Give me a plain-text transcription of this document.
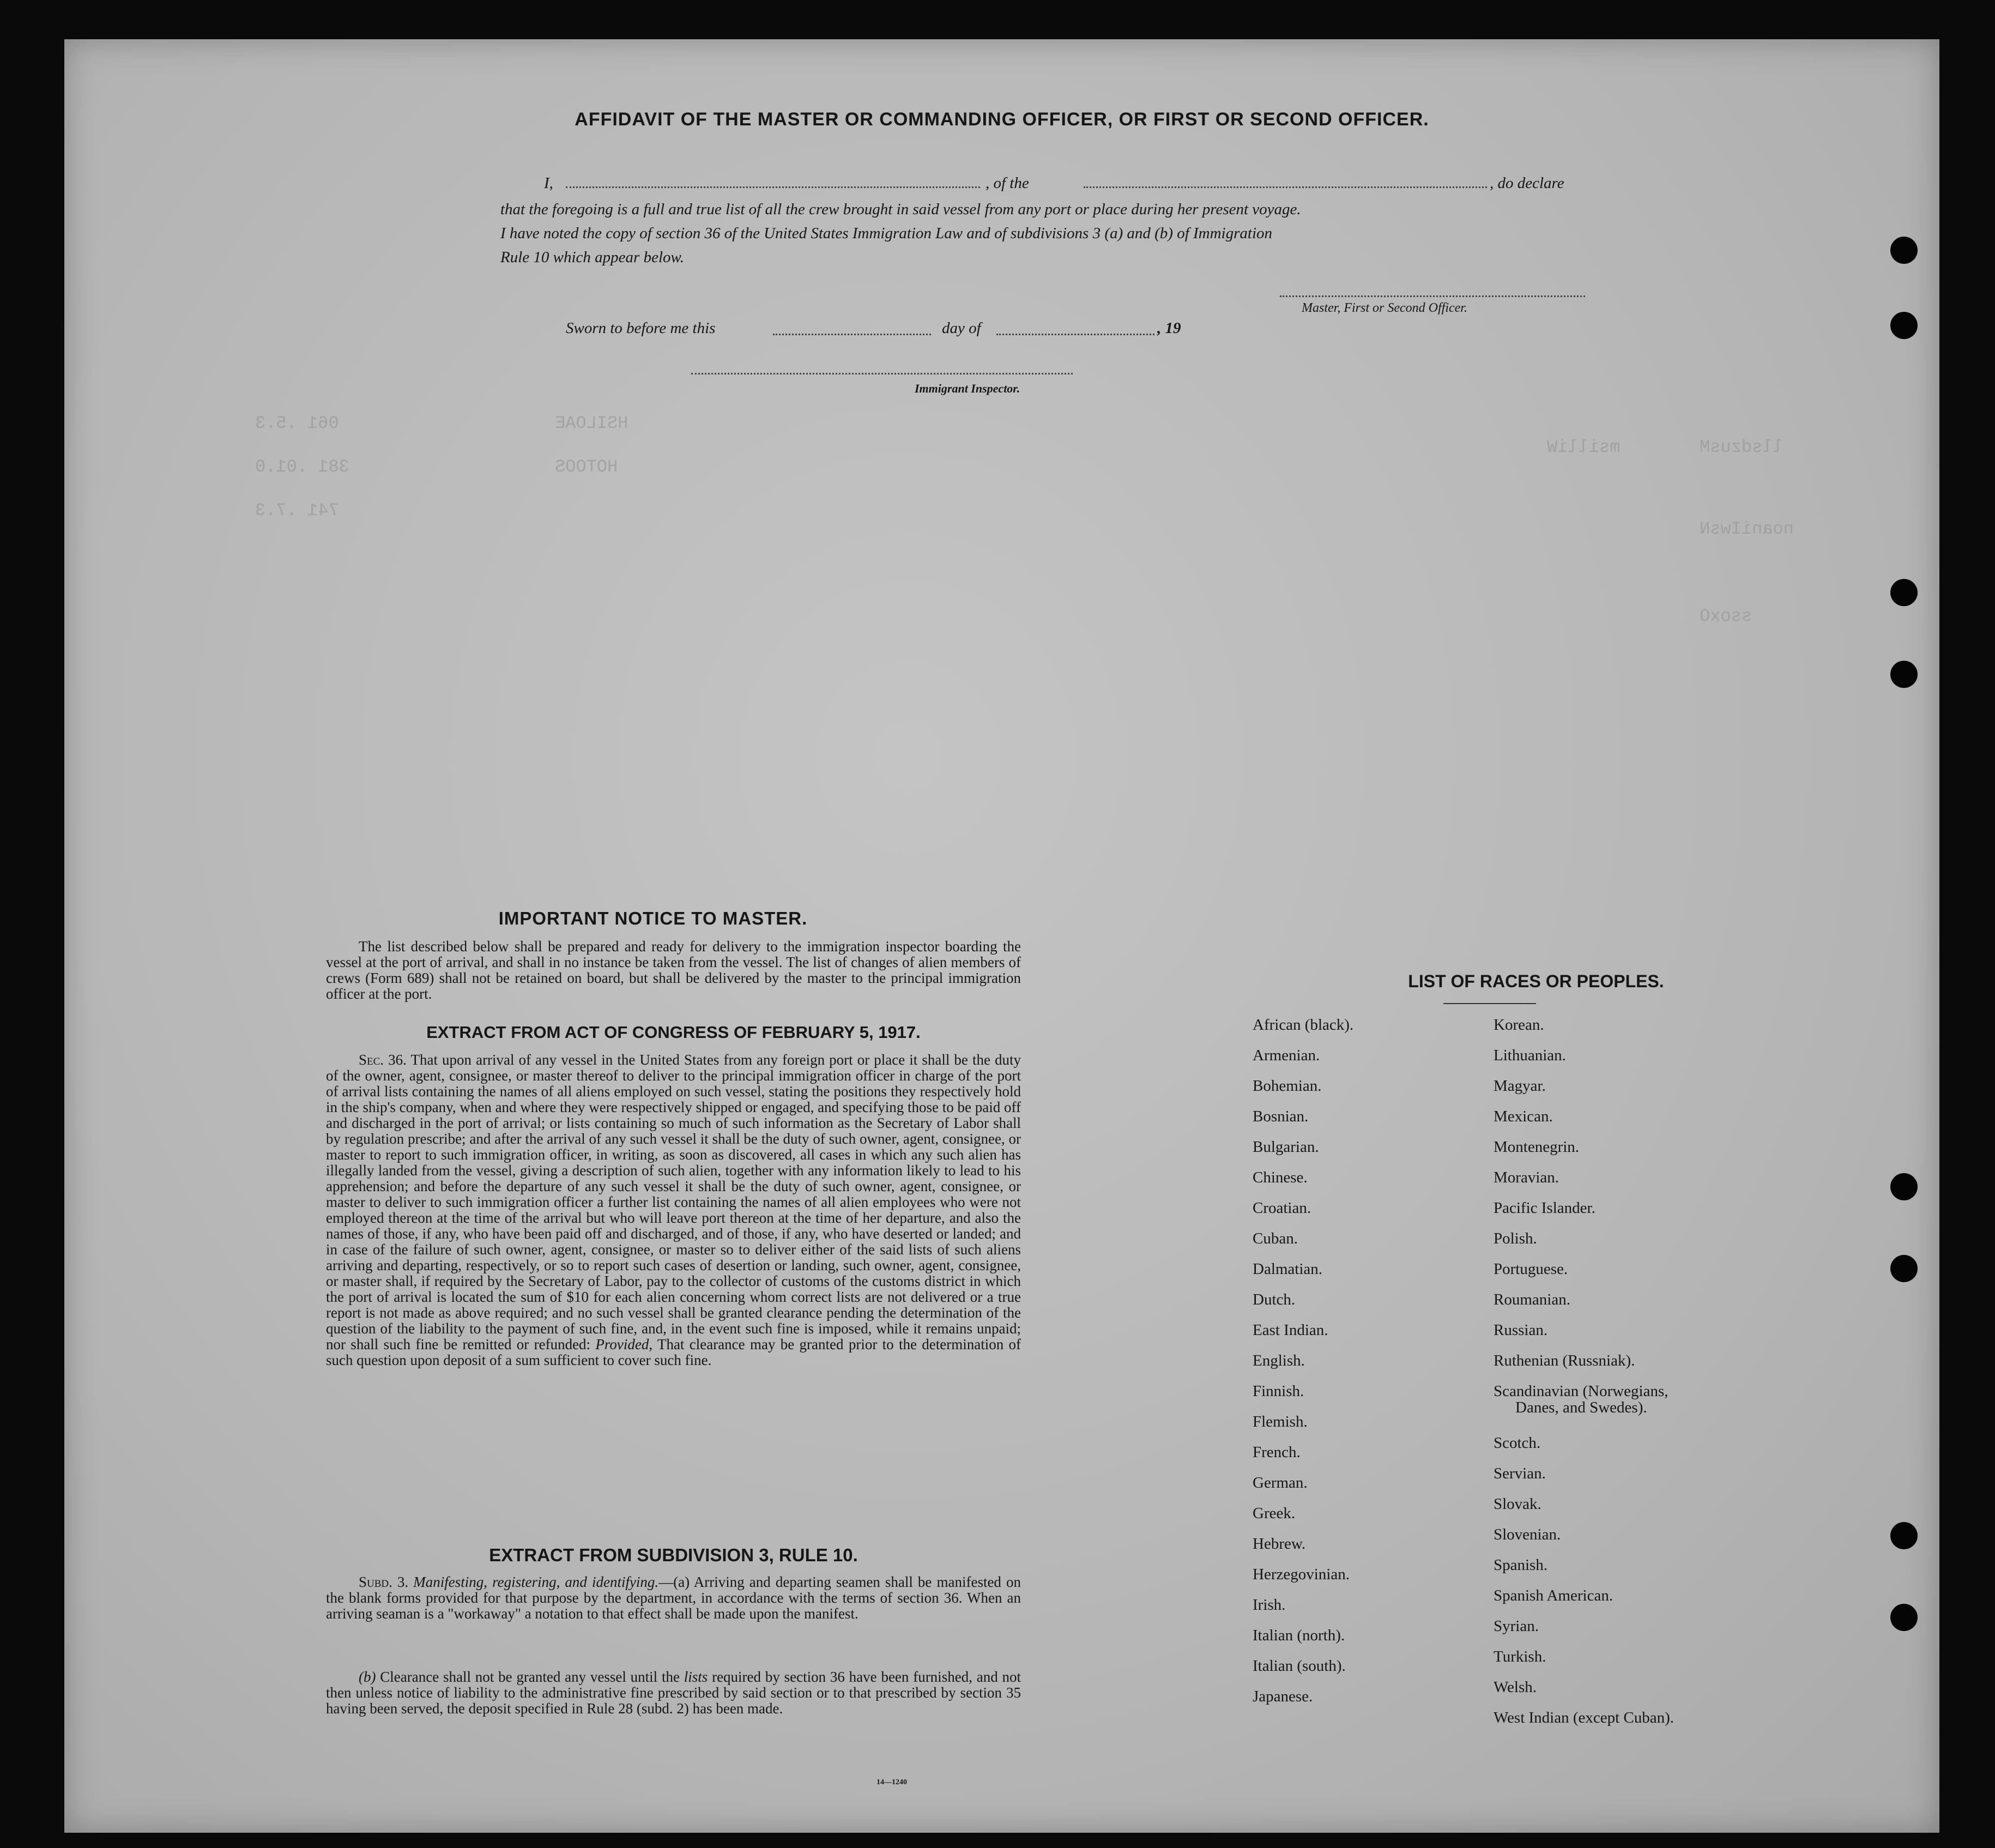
061 .5.3
381 .01.0
741 .7.3
HSILOAE
HOTOOS
llsdzusM
noaniIwsN
ssoxO
msilliW
AFFIDAVIT OF THE MASTER OR COMMANDING OFFICER, OR FIRST OR SECOND OFFICER.
I,	, of the	, do declare
that the foregoing is a full and true list of all the crew brought in said vessel from any port or place during her present voyage.
I have noted the copy of section 36 of the United States Immigration Law and of subdivisions 3 (a) and (b) of Immigration
Rule 10 which appear below.
Master, First or Second Officer.
Sworn to before me this	day of	, 19
Immigrant Inspector.
IMPORTANT NOTICE TO MASTER.
The list described below shall be prepared and ready for delivery to the immigration inspector boarding the vessel at the port of arrival, and shall in no instance be taken from the vessel. The list of changes of alien members of crews (Form 689) shall not be retained on board, but shall be delivered by the master to the principal immigration officer at the port.
EXTRACT FROM ACT OF CONGRESS OF FEBRUARY 5, 1917.
Sec. 36. That upon arrival of any vessel in the United States from any foreign port or place it shall be the duty of the owner, agent, consignee, or master thereof to deliver to the principal immigration officer in charge of the port of arrival lists containing the names of all aliens employed on such vessel, stating the positions they respectively hold in the ship's company, when and where they were respectively shipped or engaged, and specifying those to be paid off and discharged in the port of arrival; or lists containing so much of such information as the Secretary of Labor shall by regulation prescribe; and after the arrival of any such vessel it shall be the duty of such owner, agent, consignee, or master to report to such immigration officer, in writing, as soon as discovered, all cases in which any such alien has illegally landed from the vessel, giving a description of such alien, together with any information likely to lead to his apprehension; and before the departure of any such vessel it shall be the duty of such owner, agent, consignee, or master to deliver to such immigration officer a further list containing the names of all alien employees who were not employed thereon at the time of the arrival but who will leave port thereon at the time of her departure, and also the names of those, if any, who have been paid off and discharged, and of those, if any, who have deserted or landed; and in case of the failure of such owner, agent, consignee, or master so to deliver either of the said lists of such aliens arriving and departing, respectively, or so to report such cases of desertion or landing, such owner, agent, consignee, or master shall, if required by the Secretary of Labor, pay to the collector of customs of the customs district in which the port of arrival is located the sum of $10 for each alien concerning whom correct lists are not delivered or a true report is not made as above required; and no such vessel shall be granted clearance pending the determination of the question of the liability to the payment of such fine, and, in the event such fine is imposed, while it remains unpaid; nor shall such fine be remitted or refunded: Provided, That clearance may be granted prior to the determination of such question upon deposit of a sum sufficient to cover such fine.
EXTRACT FROM SUBDIVISION 3, RULE 10.
Subd. 3. Manifesting, registering, and identifying.—(a) Arriving and departing seamen shall be manifested on the blank forms provided for that purpose by the department, in accordance with the terms of section 36. When an arriving seaman is a "workaway" a notation to that effect shall be made upon the manifest.
(b) Clearance shall not be granted any vessel until the lists required by section 36 have been furnished, and not then unless notice of liability to the administrative fine prescribed by said section or to that prescribed by section 35 having been served, the deposit specified in Rule 28 (subd. 2) has been made.
14—1240
LIST OF RACES OR PEOPLES.
African (black).
Armenian.
Bohemian.
Bosnian.
Bulgarian.
Chinese.
Croatian.
Cuban.
Dalmatian.
Dutch.
East Indian.
English.
Finnish.
Flemish.
French.
German.
Greek.
Hebrew.
Herzegovinian.
Irish.
Italian (north).
Italian (south).
Japanese.
Korean.
Lithuanian.
Magyar.
Mexican.
Montenegrin.
Moravian.
Pacific Islander.
Polish.
Portuguese.
Roumanian.
Russian.
Ruthenian (Russniak).
Scandinavian (Norwegians,
Danes, and Swedes).
Scotch.
Servian.
Slovak.
Slovenian.
Spanish.
Spanish American.
Syrian.
Turkish.
Welsh.
West Indian (except Cuban).
